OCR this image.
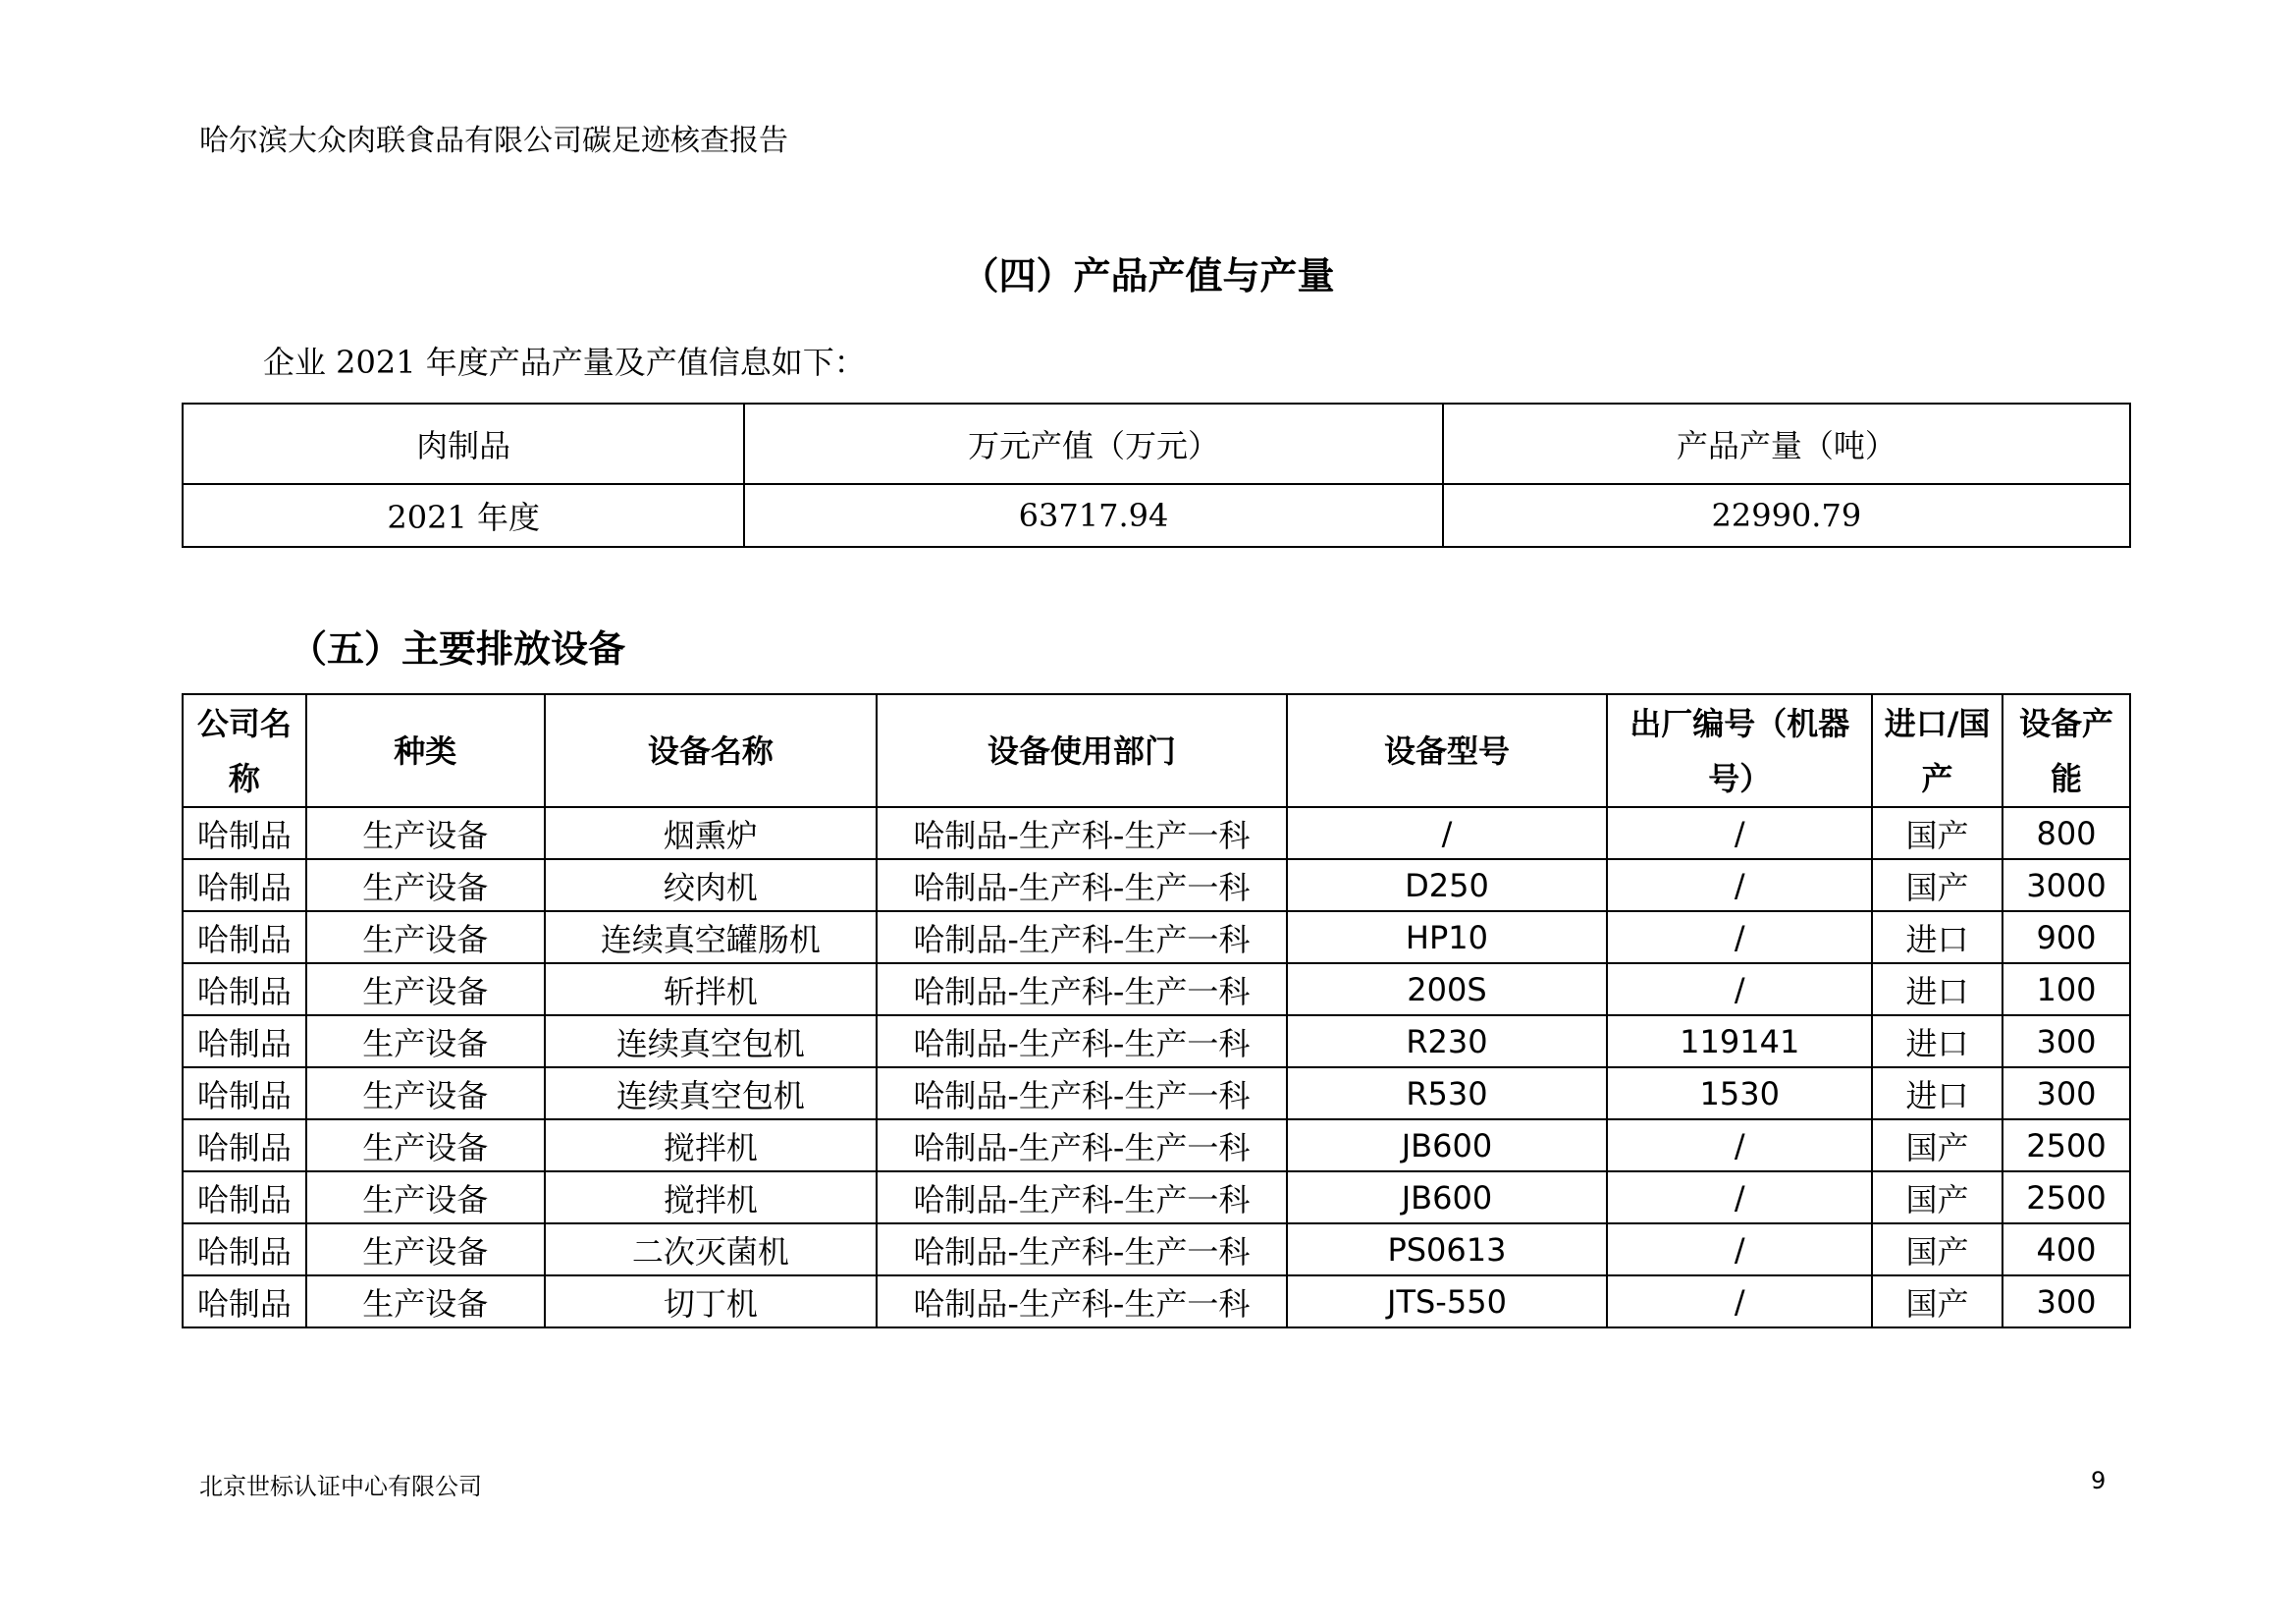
哈尔滨大众肉联食品有限公司碳足迹核查报告
（四）产品产值与产量
企业 2021 年度产品产量及产值信息如下：
肉制品	万元产值（万元）	产品产量（吨）
2021 年度	63717.94	22990.79
（五）主要排放设备
公司名称	种类	设备名称	设备使用部门	设备型号	出厂编号（机器号）	进口/国产	设备产能
哈制品	生产设备	烟熏炉	哈制品-生产科-生产一科	/	/	国产	800
哈制品	生产设备	绞肉机	哈制品-生产科-生产一科	D250	/	国产	3000
哈制品	生产设备	连续真空罐肠机	哈制品-生产科-生产一科	HP10	/	进口	900
哈制品	生产设备	斩拌机	哈制品-生产科-生产一科	200S	/	进口	100
哈制品	生产设备	连续真空包机	哈制品-生产科-生产一科	R230	119141	进口	300
哈制品	生产设备	连续真空包机	哈制品-生产科-生产一科	R530	1530	进口	300
哈制品	生产设备	搅拌机	哈制品-生产科-生产一科	JB600	/	国产	2500
哈制品	生产设备	搅拌机	哈制品-生产科-生产一科	JB600	/	国产	2500
哈制品	生产设备	二次灭菌机	哈制品-生产科-生产一科	PS0613	/	国产	400
哈制品	生产设备	切丁机	哈制品-生产科-生产一科	JTS-550	/	国产	300
北京世标认证中心有限公司	9
